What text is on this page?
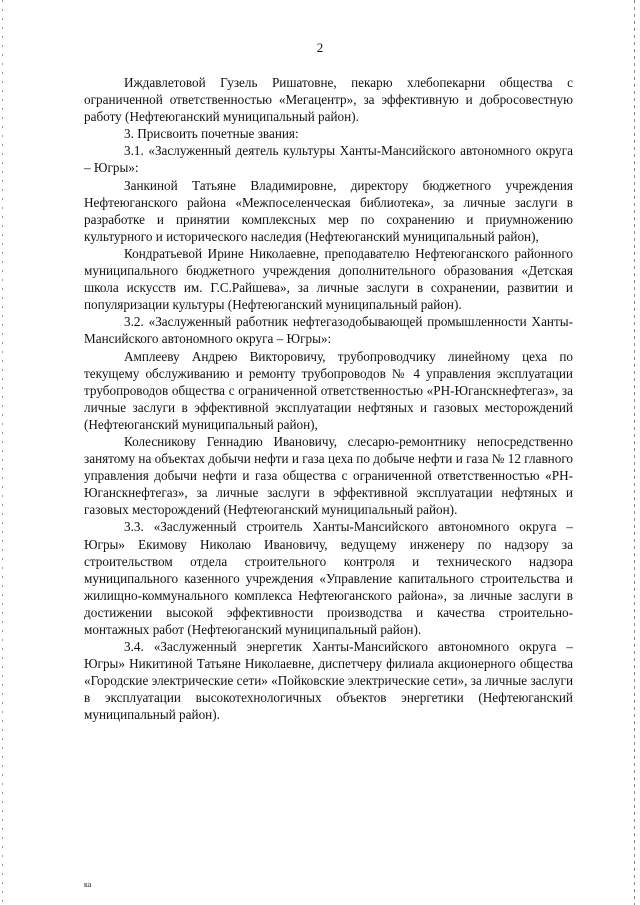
2

Иждавлетовой Гузель Ришатовне, пекарю хлебопекарни общества с ограниченной ответственностью «Мегацентр», за эффективную и добросовестную работу (Нефтеюганский муниципальный район).

3. Присвоить почетные звания:

3.1. «Заслуженный деятель культуры Ханты-Мансийского автономного округа – Югры»:

Занкиной Татьяне Владимировне, директору бюджетного учреждения Нефтеюганского района «Межпоселенческая библиотека», за личные заслуги в разработке и принятии комплексных мер по сохранению и приумножению культурного и исторического наследия (Нефтеюганский муниципальный район),

Кондратьевой Ирине Николаевне, преподавателю Нефтеюганского районного муниципального бюджетного учреждения дополнительного образования «Детская школа искусств им. Г.С.Райшева», за личные заслуги в сохранении, развитии и популяризации культуры (Нефтеюганский муниципальный район).

3.2. «Заслуженный работник нефтегазодобывающей промышленности Ханты-Мансийского автономного округа – Югры»:

Амплееву Андрею Викторовичу, трубопроводчику линейному цеха по текущему обслуживанию и ремонту трубопроводов № 4 управления эксплуатации трубопроводов общества с ограниченной ответственностью «РН-Юганскнефтегаз», за личные заслуги в эффективной эксплуатации нефтяных и газовых месторождений (Нефтеюганский муниципальный район),

Колесникову Геннадию Ивановичу, слесарю-ремонтнику непосредственно занятому на объектах добычи нефти и газа цеха по добыче нефти и газа № 12 главного управления добычи нефти и газа общества с ограниченной ответственностью «РН-Юганскнефтегаз», за личные заслуги в эффективной эксплуатации нефтяных и газовых месторождений (Нефтеюганский муниципальный район).

3.3. «Заслуженный строитель Ханты-Мансийского автономного округа – Югры» Екимову Николаю Ивановичу, ведущему инженеру по надзору за строительством отдела строительного контроля и технического надзора муниципального казенного учреждения «Управление капитального строительства и жилищно-коммунального комплекса Нефтеюганского района», за личные заслуги в достижении высокой эффективности производства и качества строительно-монтажных работ (Нефтеюганский муниципальный район).

3.4. «Заслуженный энергетик Ханты-Мансийского автономного округа – Югры» Никитиной Татьяне Николаевне, диспетчеру филиала акционерного общества «Городские электрические сети» «Пойковские электрические сети», за личные заслуги в эксплуатации высокотехнологичных объектов энергетики (Нефтеюганский муниципальный район).

ка
